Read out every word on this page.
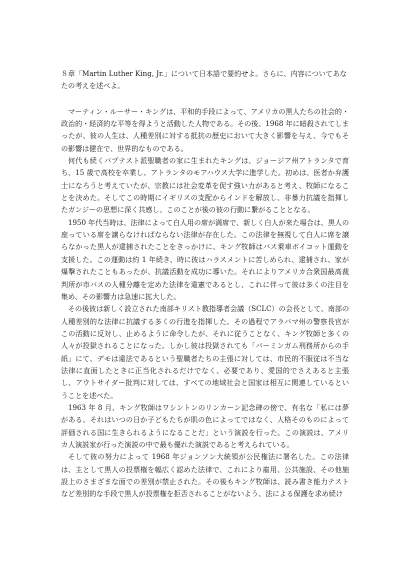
８章「Martin Luther King, Jr.」について日本語で要約せよ。さらに、内容についてあなたの考えを述べよ。

マーティン・ルーサー・キングは、平和的手段によって、アメリカの黒人たちの社会的・政治的・経済的な平等を得ようと活動した人物である。その後、1968 年に暗殺されてしまったが、彼の人生は、人種差別に対する抵抗の歴史において大きく影響を与え、今でもその影響は健在で、世界的なものである。

何代も続くバプテスト派聖職者の家に生まれたキングは、ジョージア州アトランタで育ち、15 歳で高校を卒業し、アトランタのモアハウス大学に進学した。初めは、医者か弁護士になろうと考えていたが、宗教には社会変革を促す強い力があると考え、牧師になることを決めた。そしてこの時期にイギリスの支配からインドを解放し、非暴力抗議を指揮したガンジーの思想に深く共感し、このことが後の彼の行動に繋がることとなる。

1950 年代当時は、法律によって白人用の席が満席で、新しく白人が来た場合は、黒人の座っている席を譲らなければならない法律が存在した。この法律を無視して白人に席を譲らなかった黒人が逮捕されたことをきっかけに、キング牧師はバス乗車ボイコット運動を支援した。この運動は約 1 年続き、時に彼はハラスメントに苦しめられ、逮捕され、家が爆撃されたこともあったが、抗議活動を成功に導いた。それによりアメリカ合衆国最高裁判所が市バスの人種分離を定めた法律を違憲であるとし、これに伴って彼は多くの注目を集め、その影響力は急速に拡大した。

その後彼は新しく設立された南部キリスト教指導者会議（SCLC）の会長として、南部の人種差別的な法律に抗議する多くの行進を指揮した。その過程でアラバマ州の警察長官がこの活動に反対し、止めるように命令したが、それに従うことなく、キング牧師と多くの人々が投獄されることになった。しかし彼は投獄されても「バーミンガム刑務所からの手紙」にて、デモは違法であるという聖職者たちの主張に対しては、市民的不服従は不当な法律に直面したときに正当化されるだけでなく、必要であり、愛国的でさえあると主張し、アウトサイダー批判に対しては、すべての地域社会と国家は相互に関連しているということを述べた。

1963 年 8 月、キング牧師はワシントンのリンカーン記念碑の傍で、有名な「私には夢がある。それはいつの日か子どもたちが肌の色によってではなく、人格そのものによって評価される国に生きられるようになることだ」という演説を行った。この演説は、アメリカ人演説家が行った演説の中で最も優れた演説であると考えられている。

そして彼の努力によって 1968 年ジョンソン大統領が公民権法に署名した。この法律は、主として黒人の投票権を幅広く認めた法律で、これにより雇用、公共施設、その他施設上のさまざまな面での差別が禁止された。その後もキング牧師は、読み書き能力テストなど差別的な手段で黒人が投票権を拒否されることがないよう、法による保護を求め続け
